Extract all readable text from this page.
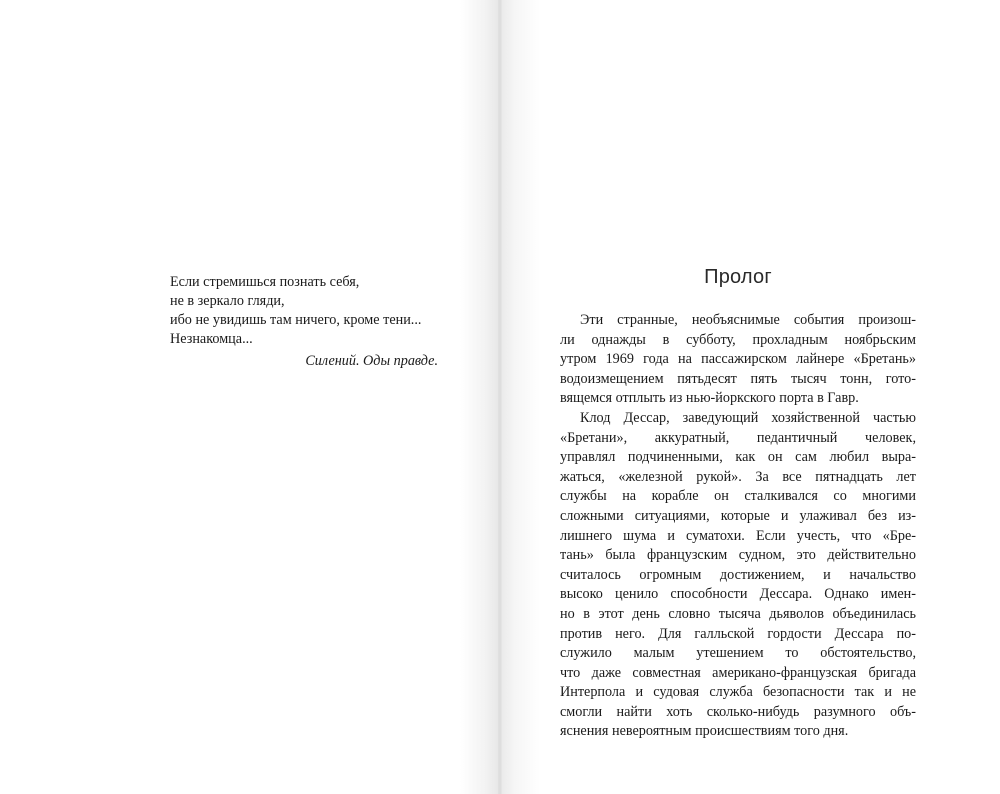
Если стремишься познать себя,
не в зеркало гляди,
ибо не увидишь там ничего, кроме тени...
Незнакомца...
Силений. Оды правде.
Пролог

Эти странные, необъяснимые события произош-
ли однажды в субботу, прохладным ноябрьским
утром 1969 года на пассажирском лайнере «Бретань»
водоизмещением пятьдесят пять тысяч тонн, гото-
вящемся отплыть из нью-йоркского порта в Гавр.

Клод Дессар, заведующий хозяйственной частью
«Бретани», аккуратный, педантичный человек,
управлял подчиненными, как он сам любил выра-
жаться, «железной рукой». За все пятнадцать лет
службы на корабле он сталкивался со многими
сложными ситуациями, которые и улаживал без из-
лишнего шума и суматохи. Если учесть, что «Бре-
тань» была французским судном, это действительно
считалось огромным достижением, и начальство
высоко ценило способности Дессара. Однако имен-
но в этот день словно тысяча дьяволов объединилась
против него. Для галльской гордости Дессара по-
служило малым утешением то обстоятельство,
что даже совместная американо-французская бригада
Интерпола и судовая служба безопасности так и не
смогли найти хоть сколько-нибудь разумного объ-
яснения невероятным происшествиям того дня.
